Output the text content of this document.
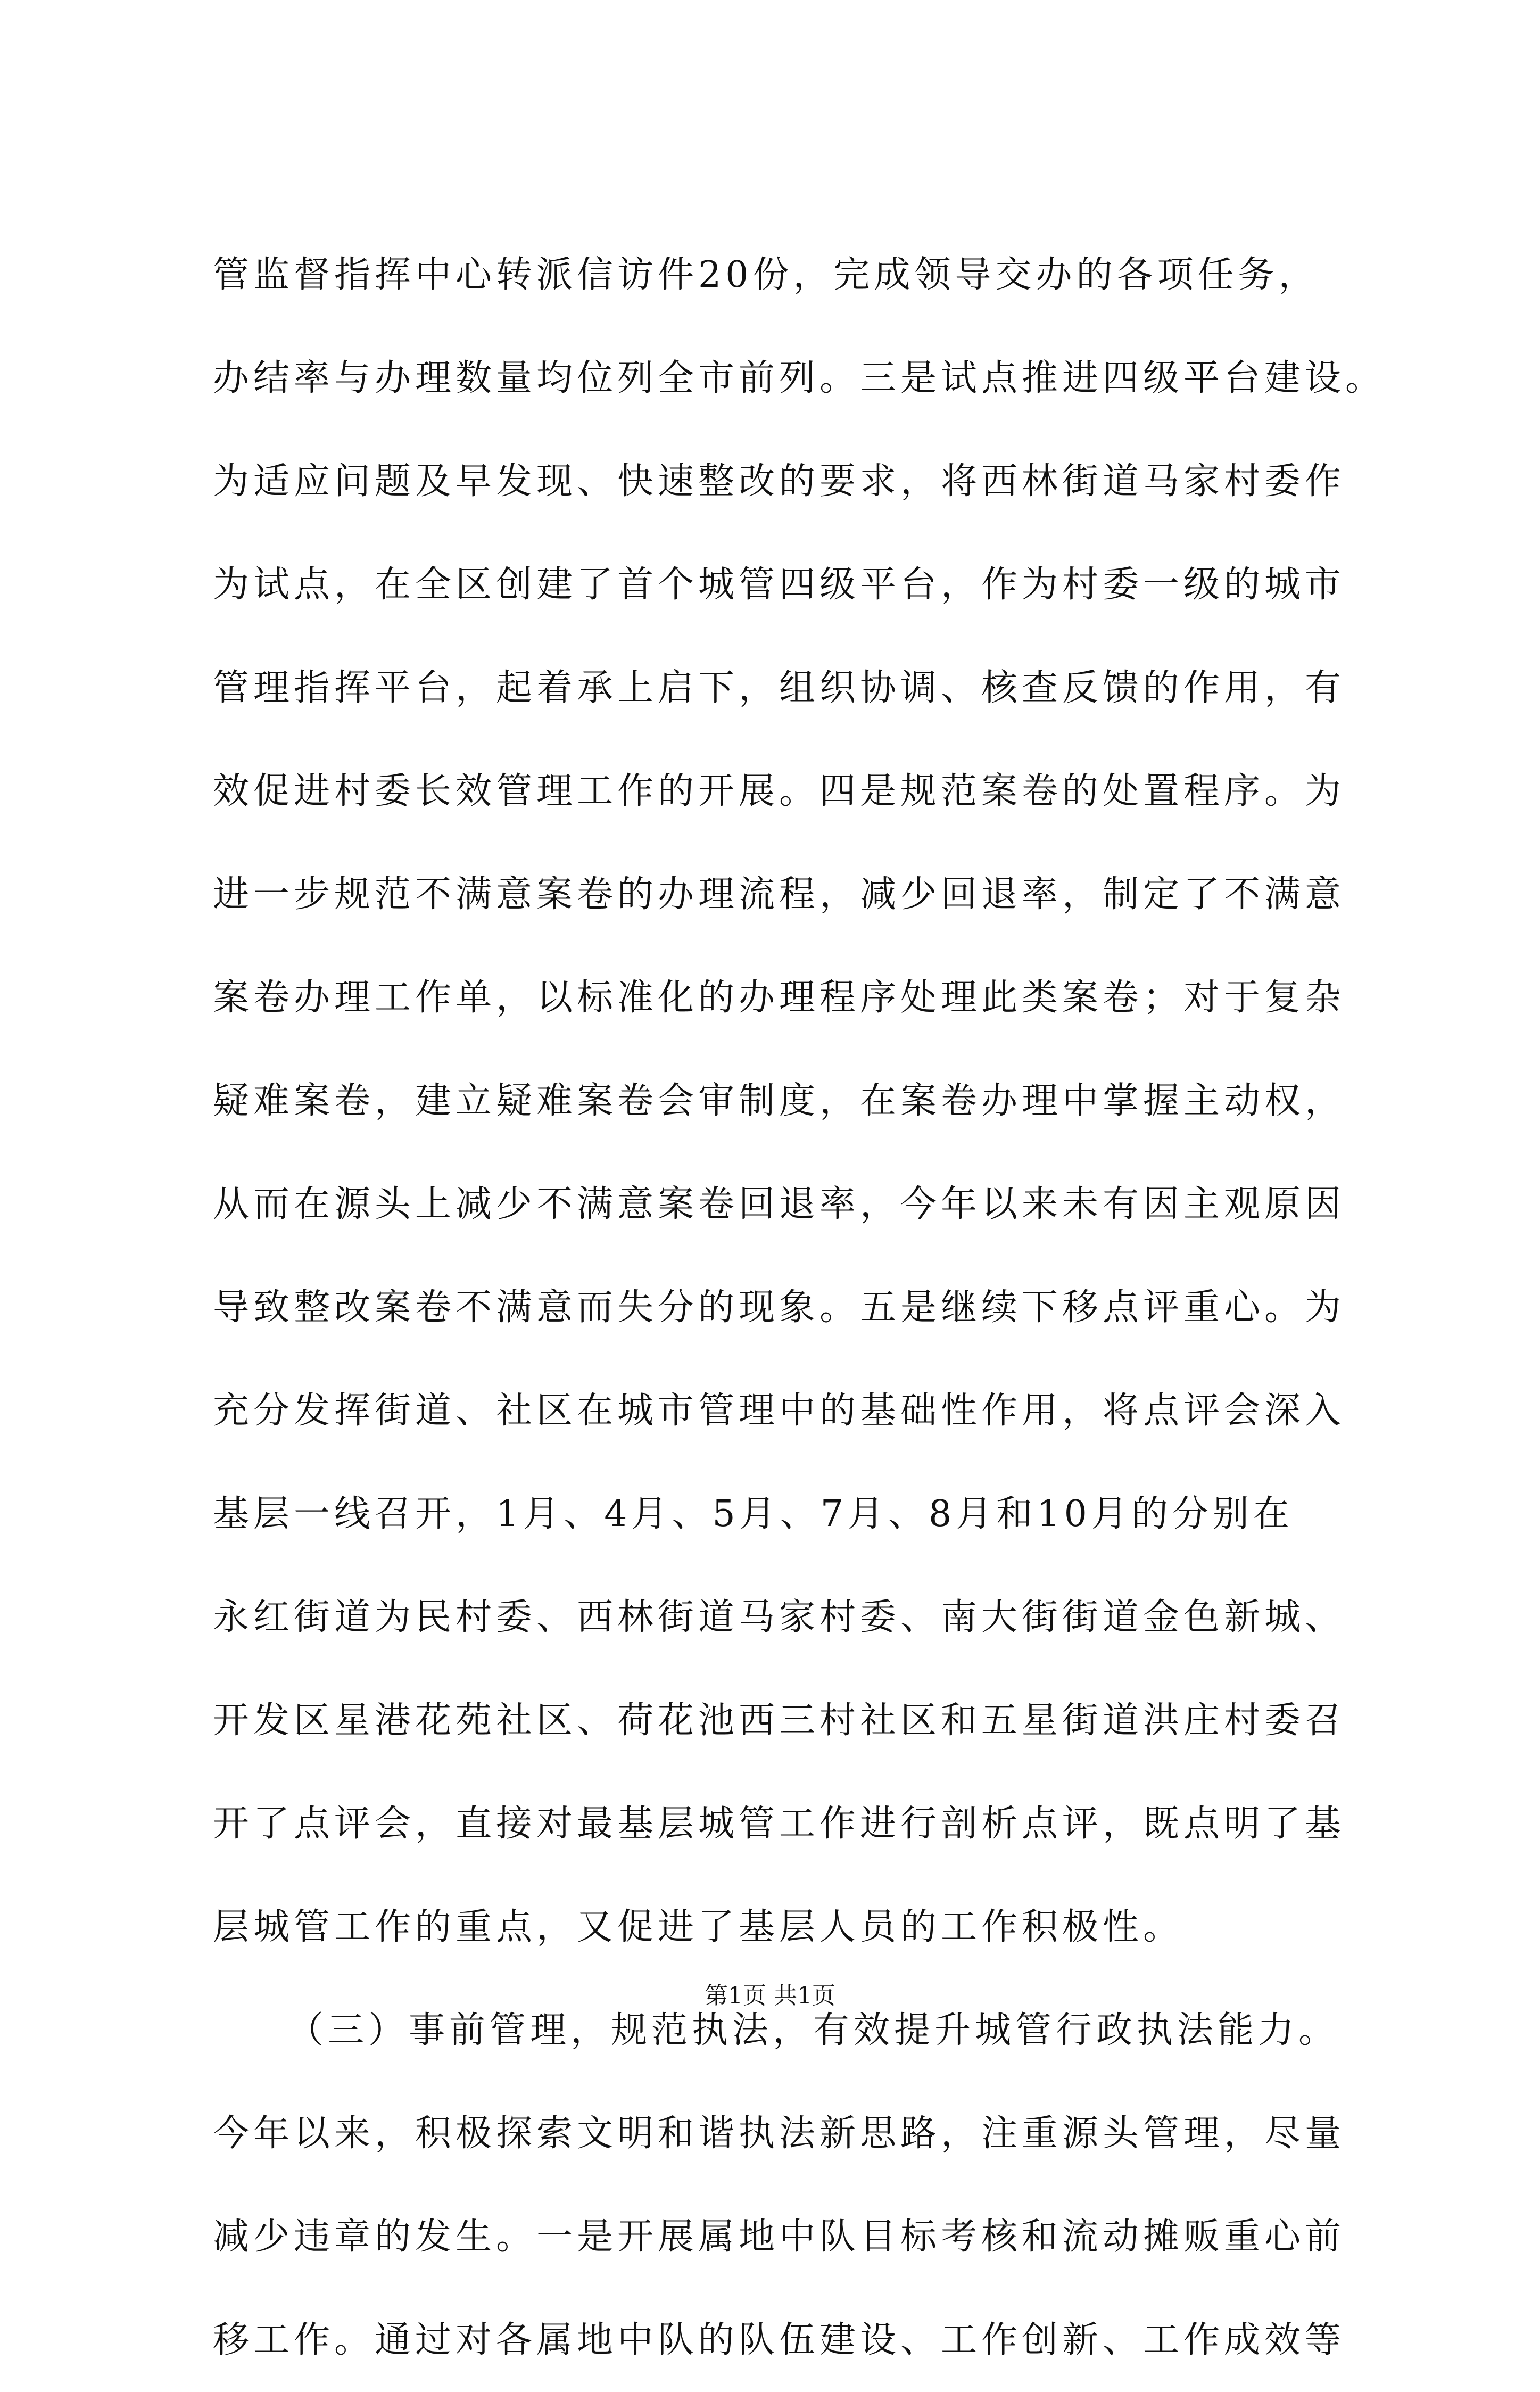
管监督指挥中心转派信访件20份，完成领导交办的各项任务，
办结率与办理数量均位列全市前列。三是试点推进四级平台建设。
为适应问题及早发现、快速整改的要求，将西林街道马家村委作
为试点，在全区创建了首个城管四级平台，作为村委一级的城市
管理指挥平台，起着承上启下，组织协调、核查反馈的作用，有
效促进村委长效管理工作的开展。四是规范案卷的处置程序。为
进一步规范不满意案卷的办理流程，减少回退率，制定了不满意
案卷办理工作单，以标准化的办理程序处理此类案卷；对于复杂
疑难案卷，建立疑难案卷会审制度，在案卷办理中掌握主动权，
从而在源头上减少不满意案卷回退率，今年以来未有因主观原因
导致整改案卷不满意而失分的现象。五是继续下移点评重心。为
充分发挥街道、社区在城市管理中的基础性作用，将点评会深入
基层一线召开，1月、4月、5月、7月、8月和10月的分别在
永红街道为民村委、西林街道马家村委、南大街街道金色新城、
开发区星港花苑社区、荷花池西三村社区和五星街道洪庄村委召
开了点评会，直接对最基层城管工作进行剖析点评，既点明了基
层城管工作的重点，又促进了基层人员的工作积极性。
（三）事前管理，规范执法，有效提升城管行政执法能力。
今年以来，积极探索文明和谐执法新思路，注重源头管理，尽量
减少违章的发生。一是开展属地中队目标考核和流动摊贩重心前
移工作。通过对各属地中队的队伍建设、工作创新、工作成效等
第1页 共1页
